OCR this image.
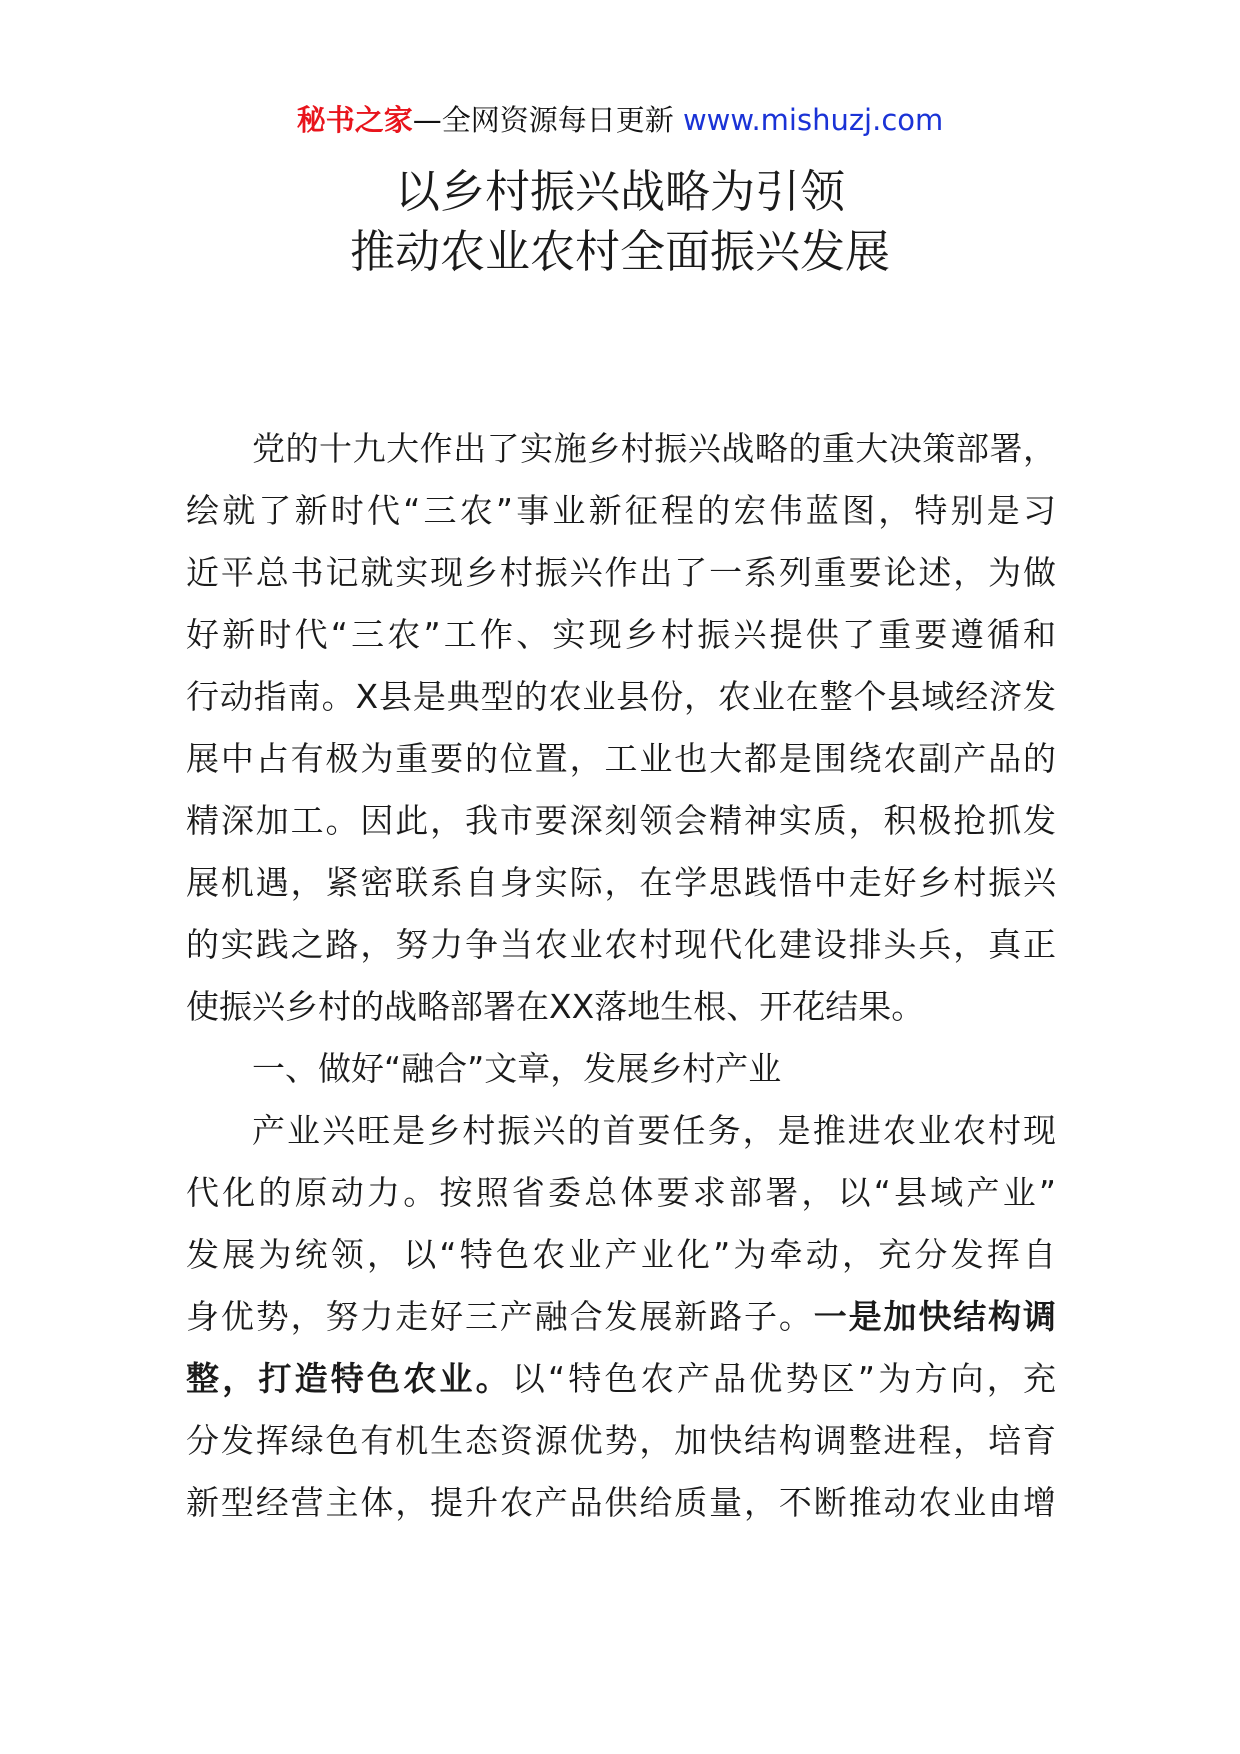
秘书之家—全网资源每日更新 www.mishuzj.com
以乡村振兴战略为引领
推动农业农村全面振兴发展
党的十九大作出了实施乡村振兴战略的重大决策部署，
绘就了新时代“三农”事业新征程的宏伟蓝图，特别是习
近平总书记就实现乡村振兴作出了一系列重要论述，为做
好新时代“三农”工作、实现乡村振兴提供了重要遵循和
行动指南。X县是典型的农业县份，农业在整个县域经济发
展中占有极为重要的位置，工业也大都是围绕农副产品的
精深加工。因此，我市要深刻领会精神实质，积极抢抓发
展机遇，紧密联系自身实际，在学思践悟中走好乡村振兴
的实践之路，努力争当农业农村现代化建设排头兵，真正
使振兴乡村的战略部署在XX落地生根、开花结果。
一、做好“融合”文章，发展乡村产业
产业兴旺是乡村振兴的首要任务，是推进农业农村现
代化的原动力。按照省委总体要求部署，以“县域产业”
发展为统领，以“特色农业产业化”为牵动，充分发挥自
身优势，努力走好三产融合发展新路子。一是加快结构调
整，打造特色农业。以“特色农产品优势区”为方向，充
分发挥绿色有机生态资源优势，加快结构调整进程，培育
新型经营主体，提升农产品供给质量，不断推动农业由增
